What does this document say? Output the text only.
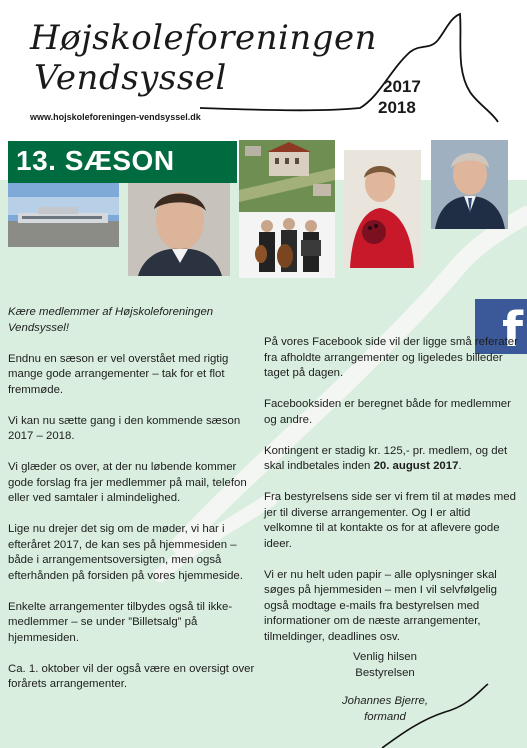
Højskoleforeningen
Vendsyssel	2017
2018
www.hojskoleforeningen-vendsyssel.dk
13. SÆSON
f

Kære medlemmer af Højskoleforeningen Vendsyssel!

Endnu en sæson er vel overstået med rigtig mange gode arrangementer – tak for et flot fremmøde.

Vi kan nu sætte gang i den kommende sæson 2017 – 2018.

Vi glæder os over, at der nu løbende kommer gode forslag fra jer medlemmer på mail, telefon eller ved samtaler i almindelighed.

Lige nu drejer det sig om de møder, vi har i efteråret 2017, de kan ses på hjemmesiden – både i arrangementsoversigten, men også efterhånden på forsiden på vores hjemmeside.

Enkelte arrangementer tilbydes også til ikke-medlemmer – se under ”Billetsalg” på hjemmesiden.

Ca. 1. oktober vil der også være en oversigt over forårets arrangementer.

På vores Facebook side vil der ligge små referater fra afholdte arrangementer og ligeledes billeder taget på dagen.

Facebooksiden er beregnet både for medlemmer og andre.

Kontingent er stadig kr. 125,- pr. medlem, og det skal indbetales inden 20. august 2017.

Fra bestyrelsens side ser vi frem til at mødes med jer til diverse arrangementer. Og I er altid velkomne til at kontakte os for at aflevere gode ideer.

Vi er nu helt uden papir – alle oplysninger skal søges på hjemmesiden – men I vil selvfølgelig også modtage e-mails fra bestyrelsen med informationer om de næste arrangementer, tilmeldinger, deadlines osv.

Venlig hilsen
Bestyrelsen
Johannes Bjerre,
formand
